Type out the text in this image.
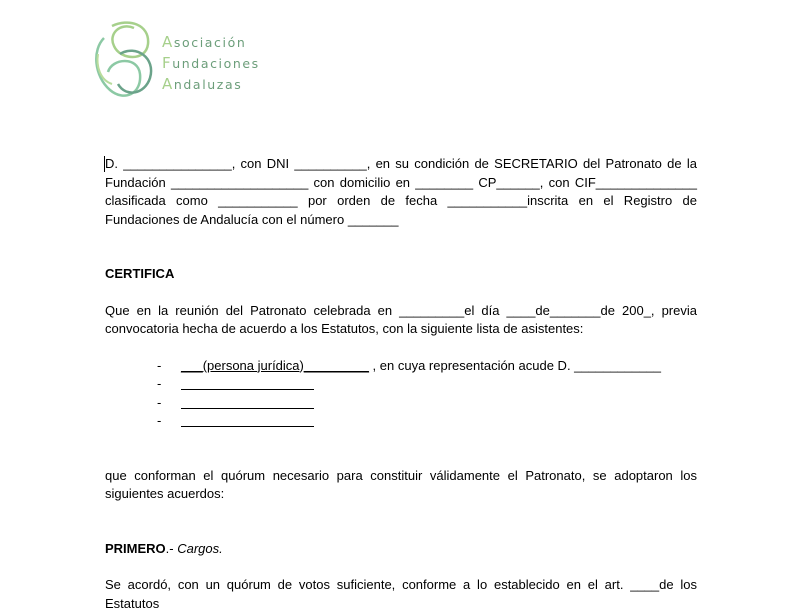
Asociación
Fundaciones
Andaluzas

D. _______________, con DNI __________, en su condición de SECRETARIO del Patronato de la Fundación ___________________ con domicilio en ________ CP______, con CIF______________ clasificada como ___________ por orden de fecha ___________inscrita en el Registro de Fundaciones de Andalucía con el número _______

CERTIFICA

Que en la reunión del Patronato celebrada en _________el día ____de_______de 200_, previa convocatoria hecha de acuerdo a los Estatutos, con la siguiente lista de asistentes:

- ___(persona jurídica)_________ , en cuya representación acude D. ____________
-
-
-

que conforman el quórum necesario para constituir válidamente el Patronato, se adoptaron los siguientes acuerdos:

PRIMERO.- Cargos.

Se acordó, con un quórum de votos suficiente, conforme a lo establecido en el art. ____de los Estatutos
